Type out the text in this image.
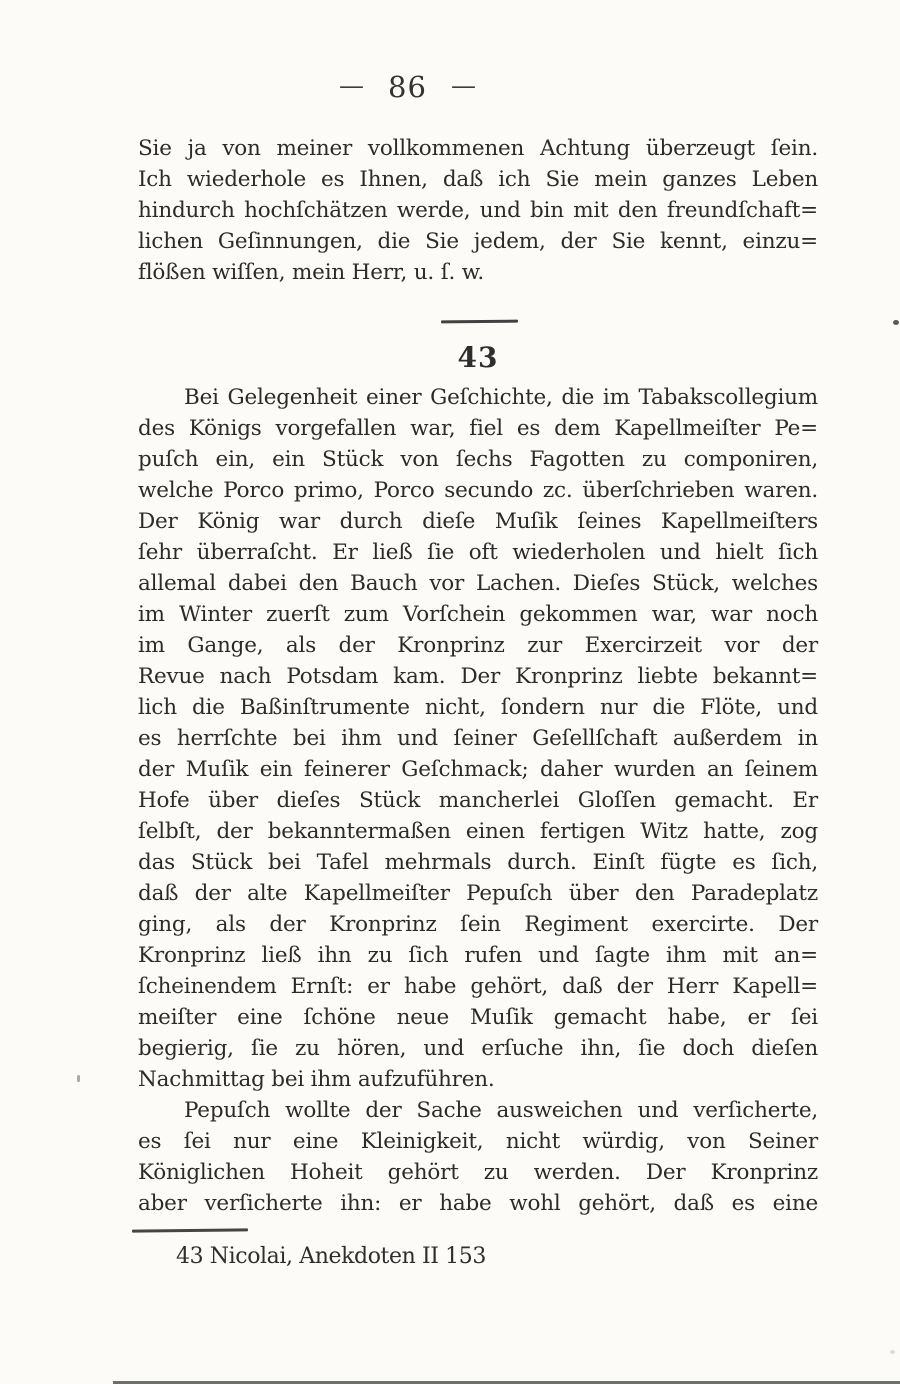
— 86 —
Sie ja von meiner vollkommenen Achtung überzeugt ſein.
Ich wiederhole es Ihnen, daß ich Sie mein ganzes Leben
hindurch hochſchätzen werde, und bin mit den freundſchaft=
lichen Geſinnungen, die Sie jedem, der Sie kennt, einzu=
flößen wiſſen, mein Herr, u. ſ. w.
43
Bei Gelegenheit einer Geſchichte, die im Tabakscollegium
des Königs vorgefallen war, fiel es dem Kapellmeiſter Pe=
puſch ein, ein Stück von ſechs Fagotten zu componiren,
welche Porco primo, Porco secundo zc. überſchrieben waren.
Der König war durch dieſe Muſik ſeines Kapellmeiſters
ſehr überraſcht. Er ließ ſie oft wiederholen und hielt ſich
allemal dabei den Bauch vor Lachen. Dieſes Stück, welches
im Winter zuerſt zum Vorſchein gekommen war, war noch
im Gange, als der Kronprinz zur Exercirzeit vor der
Revue nach Potsdam kam. Der Kronprinz liebte bekannt=
lich die Baßinſtrumente nicht, ſondern nur die Flöte, und
es herrſchte bei ihm und ſeiner Geſellſchaft außerdem in
der Muſik ein feinerer Geſchmack; daher wurden an ſeinem
Hofe über dieſes Stück mancherlei Gloſſen gemacht. Er
ſelbſt, der bekanntermaßen einen fertigen Witz hatte, zog
das Stück bei Tafel mehrmals durch. Einſt fügte es ſich,
daß der alte Kapellmeiſter Pepuſch über den Paradeplatz
ging, als der Kronprinz ſein Regiment exercirte. Der
Kronprinz ließ ihn zu ſich rufen und ſagte ihm mit an=
ſcheinendem Ernſt: er habe gehört, daß der Herr Kapell=
meiſter eine ſchöne neue Muſik gemacht habe, er ſei
begierig, ſie zu hören, und erſuche ihn, ſie doch dieſen
Nachmittag bei ihm aufzuführen.
Pepuſch wollte der Sache ausweichen und verſicherte,
es ſei nur eine Kleinigkeit, nicht würdig, von Seiner
Königlichen Hoheit gehört zu werden. Der Kronprinz
aber verſicherte ihn: er habe wohl gehört, daß es eine
43 Nicolai, Anekdoten II 153
